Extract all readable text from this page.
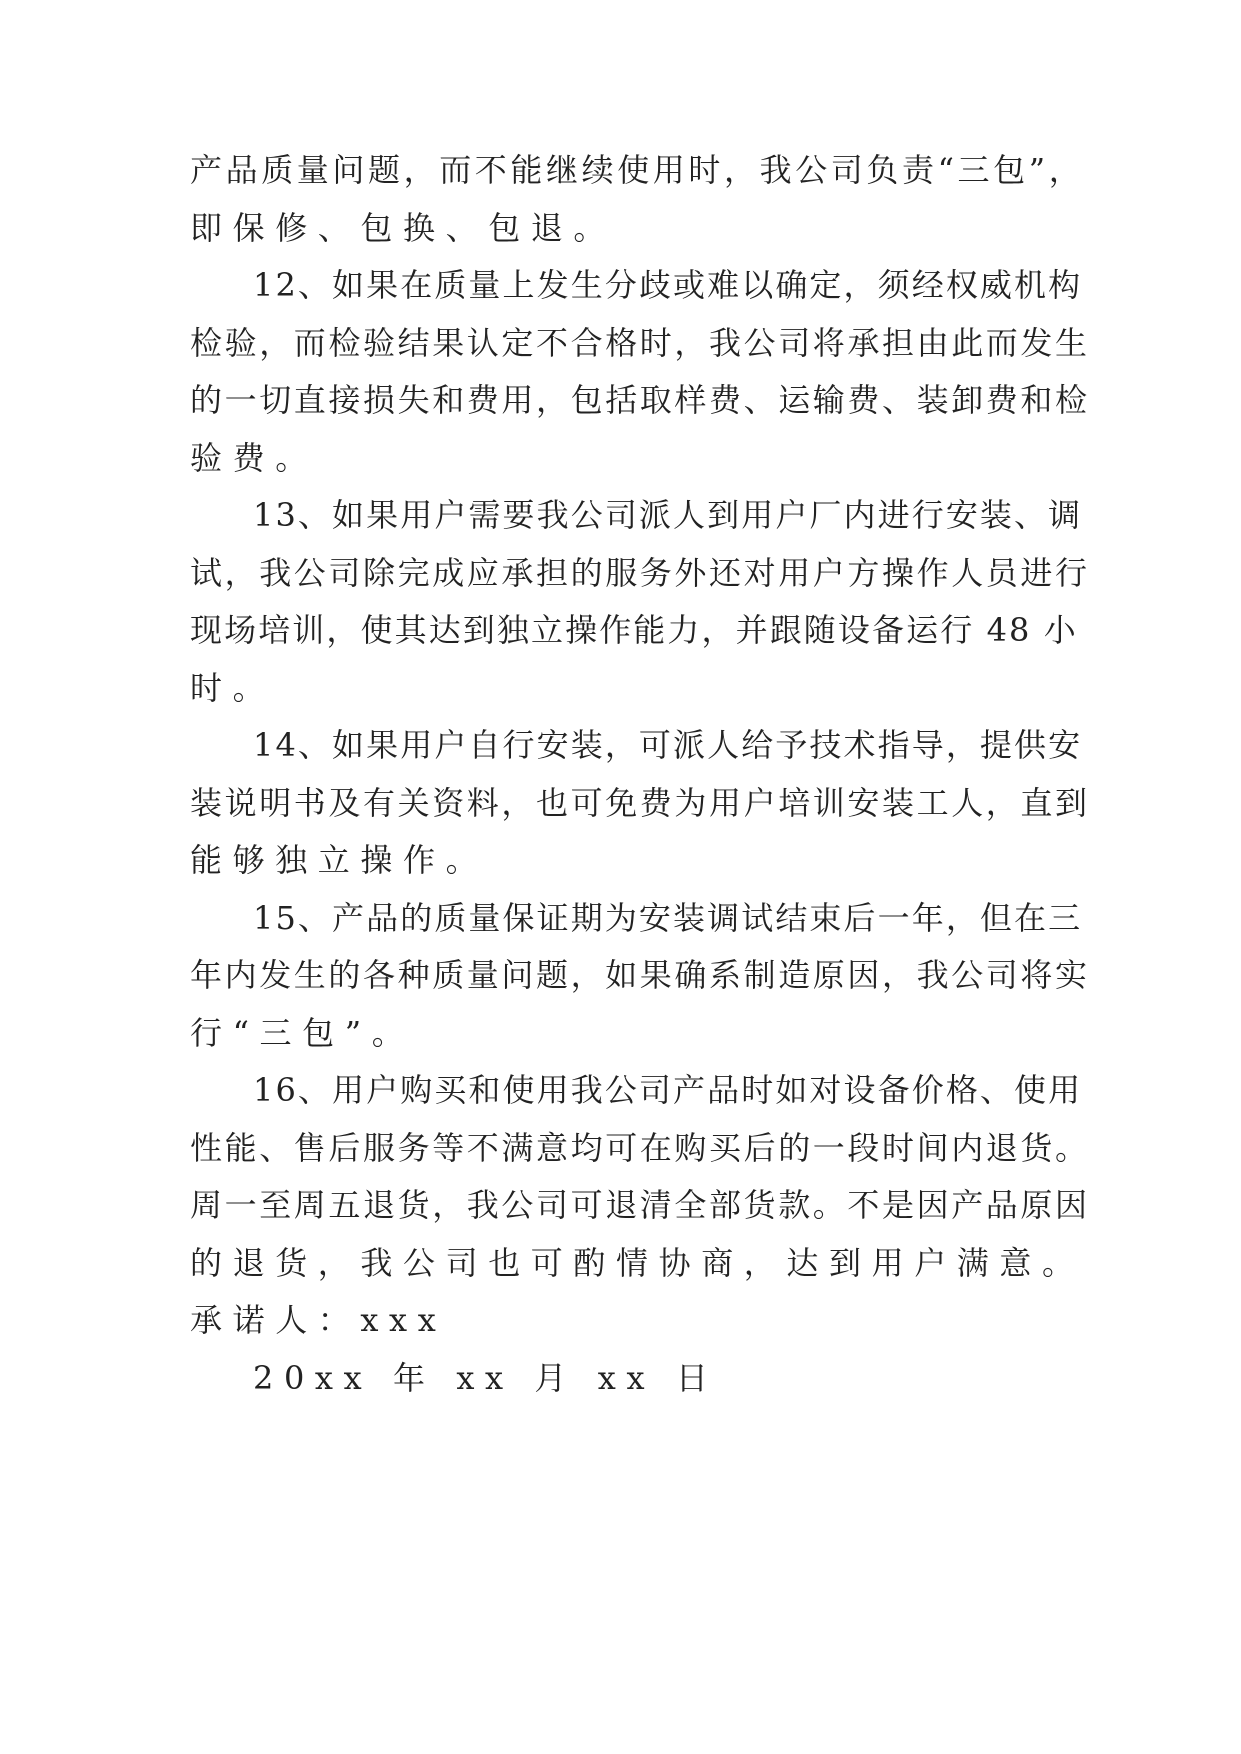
产品质量问题，而不能继续使用时，我公司负责“三包”，
即保修、包换、包退。
12、如果在质量上发生分歧或难以确定，须经权威机构
检验，而检验结果认定不合格时，我公司将承担由此而发生
的一切直接损失和费用，包括取样费、运输费、装卸费和检
验费。
13、如果用户需要我公司派人到用户厂内进行安装、调
试，我公司除完成应承担的服务外还对用户方操作人员进行
现场培训，使其达到独立操作能力，并跟随设备运行 48 小
时。
14、如果用户自行安装，可派人给予技术指导，提供安
装说明书及有关资料，也可免费为用户培训安装工人，直到
能够独立操作。
15、产品的质量保证期为安装调试结束后一年，但在三
年内发生的各种质量问题，如果确系制造原因，我公司将实
行“三包”。
16、用户购买和使用我公司产品时如对设备价格、使用
性能、售后服务等不满意均可在购买后的一段时间内退货。
周一至周五退货，我公司可退清全部货款。不是因产品原因
的退货，我公司也可酌情协商，达到用户满意。
承诺人：xxx
20xx 年 xx 月 xx 日
